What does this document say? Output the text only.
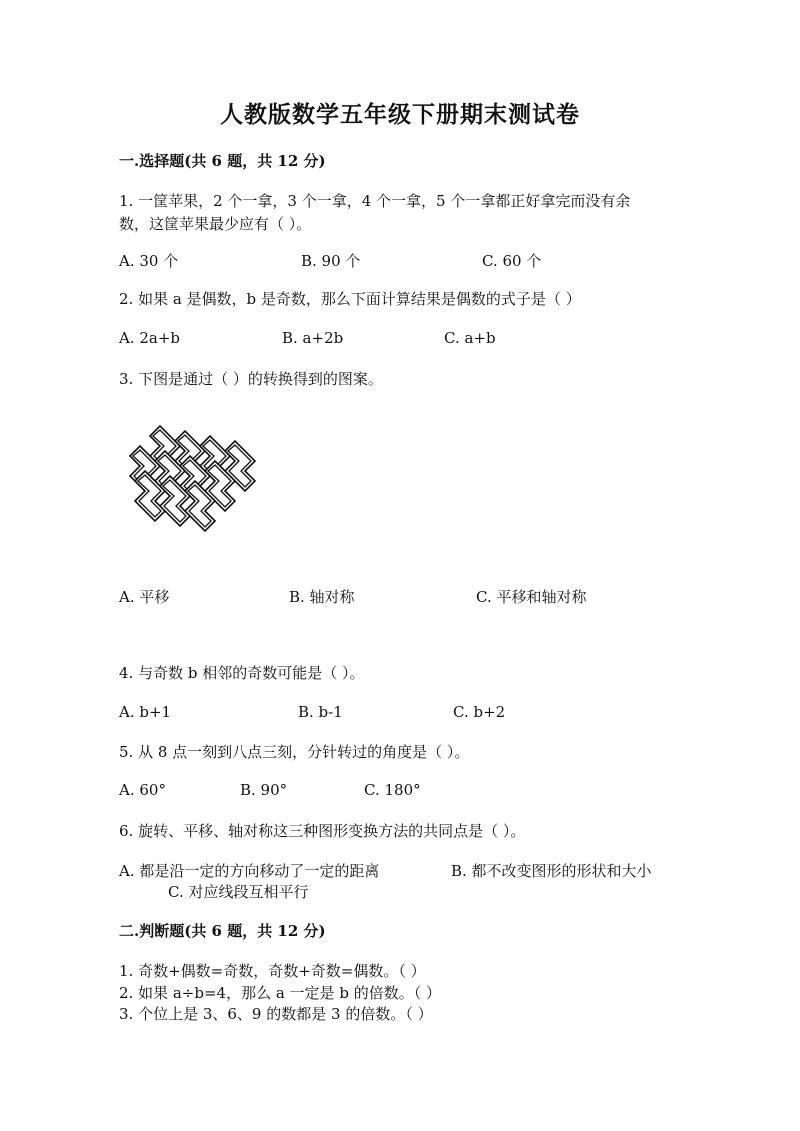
人教版数学五年级下册期末测试卷
一.选择题(共 6 题，共 12 分)
1. 一筐苹果，2 个一拿，3 个一拿，4 个一拿，5 个一拿都正好拿完而没有余
数，这筐苹果最少应有（ ）。
A. 30 个	B. 90 个	C. 60 个
2. 如果 a 是偶数，b 是奇数，那么下面计算结果是偶数的式子是（ ）
A. 2a+b	B. a+2b	C. a+b
3. 下图是通过（ ）的转换得到的图案。
A. 平移	B. 轴对称	C. 平移和轴对称
4. 与奇数 b 相邻的奇数可能是（ ）。
A. b+1	B. b-1	C. b+2
5. 从 8 点一刻到八点三刻，分针转过的角度是（ ）。
A. 60°	B. 90°	C. 180°
6. 旋转、平移、轴对称这三种图形变换方法的共同点是（ ）。
A. 都是沿一定的方向移动了一定的距离	B. 都不改变图形的形状和大小
C. 对应线段互相平行
二.判断题(共 6 题，共 12 分)
1. 奇数+偶数=奇数，奇数+奇数=偶数。（ ）
2. 如果 a÷b=4，那么 a 一定是 b 的倍数。（ ）
3. 个位上是 3、6、9 的数都是 3 的倍数。（ ）
